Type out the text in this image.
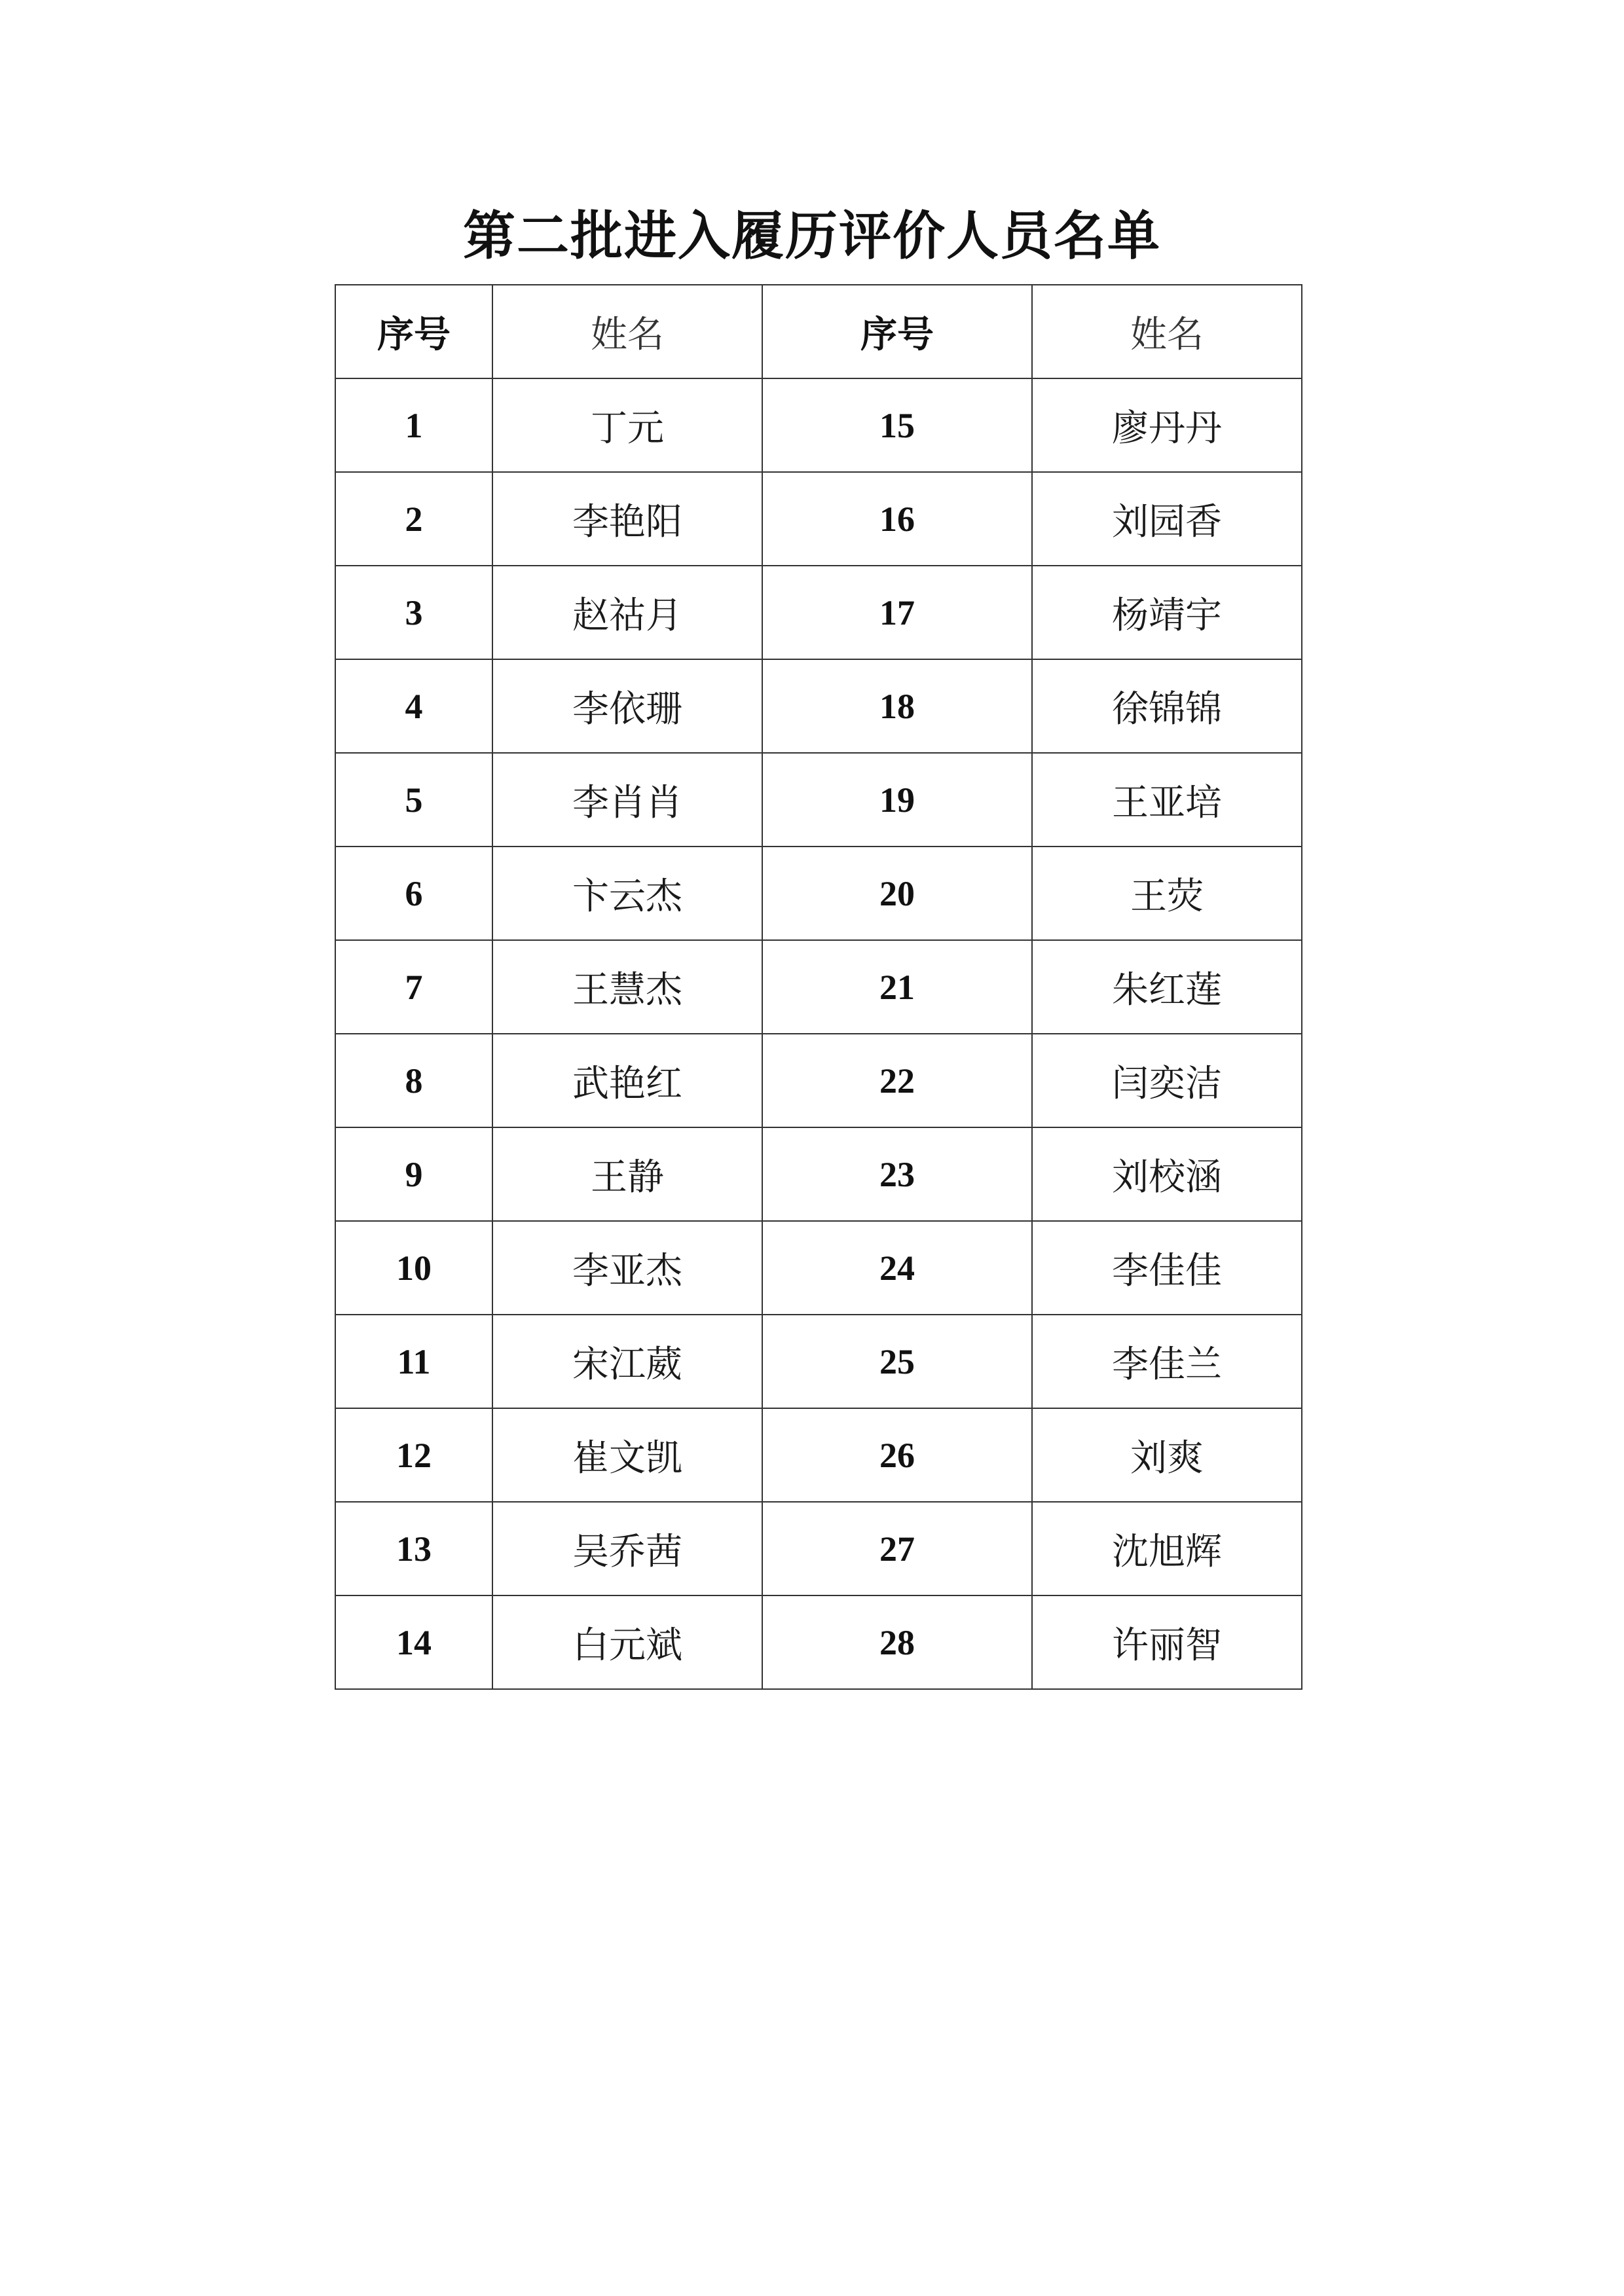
第二批进入履历评价人员名单
序号	姓名	序号	姓名
1	丁元	15	廖丹丹
2	李艳阳	16	刘园香
3	赵祜月	17	杨靖宇
4	李依珊	18	徐锦锦
5	李肖肖	19	王亚培
6	卞云杰	20	王荧
7	王慧杰	21	朱红莲
8	武艳红	22	闫奕洁
9	王静	23	刘校涵
10	李亚杰	24	李佳佳
11	宋江葳	25	李佳兰
12	崔文凯	26	刘爽
13	吴乔茜	27	沈旭辉
14	白元斌	28	许丽智
